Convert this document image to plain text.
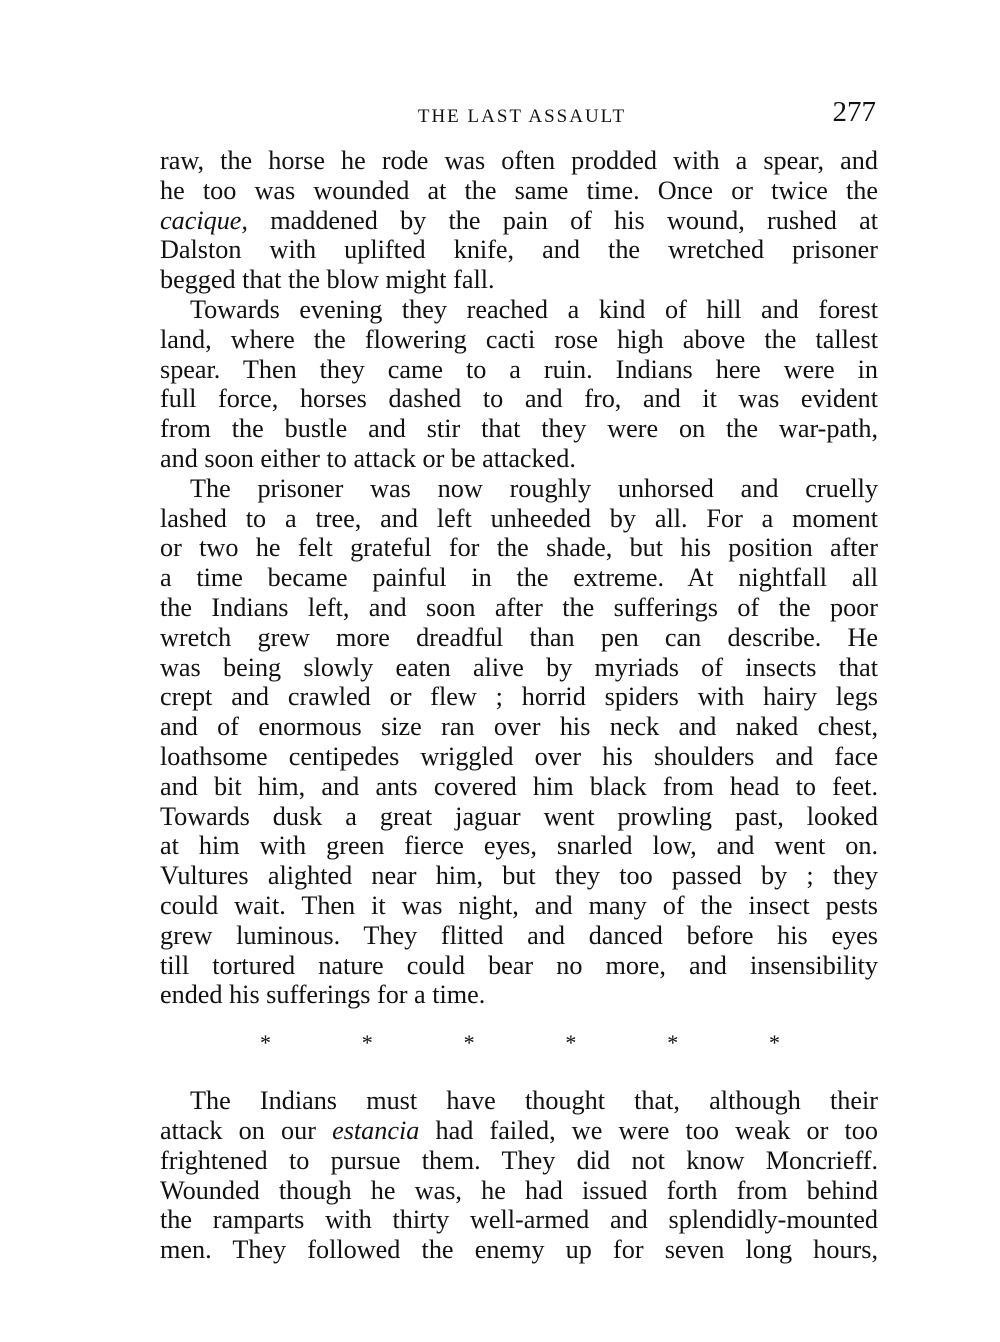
THE LAST ASSAULT	277

raw, the horse he rode was often prodded with a spear, and
he too was wounded at the same time. Once or twice the
cacique, maddened by the pain of his wound, rushed at
Dalston with uplifted knife, and the wretched prisoner
begged that the blow might fall.

Towards evening they reached a kind of hill and forest
land, where the flowering cacti rose high above the tallest
spear. Then they came to a ruin. Indians here were in
full force, horses dashed to and fro, and it was evident
from the bustle and stir that they were on the war-path,
and soon either to attack or be attacked.

The prisoner was now roughly unhorsed and cruelly
lashed to a tree, and left unheeded by all. For a moment
or two he felt grateful for the shade, but his position after
a time became painful in the extreme. At nightfall all
the Indians left, and soon after the sufferings of the poor
wretch grew more dreadful than pen can describe. He
was being slowly eaten alive by myriads of insects that
crept and crawled or flew ; horrid spiders with hairy legs
and of enormous size ran over his neck and naked chest,
loathsome centipedes wriggled over his shoulders and face
and bit him, and ants covered him black from head to feet.
Towards dusk a great jaguar went prowling past, looked
at him with green fierce eyes, snarled low, and went on.
Vultures alighted near him, but they too passed by ; they
could wait. Then it was night, and many of the insect pests
grew luminous. They flitted and danced before his eyes
till tortured nature could bear no more, and insensibility
ended his sufferings for a time.

*	*	*	*	*	*

The Indians must have thought that, although their
attack on our estancia had failed, we were too weak or too
frightened to pursue them. They did not know Moncrieff.
Wounded though he was, he had issued forth from behind
the ramparts with thirty well-armed and splendidly-mounted
men. They followed the enemy up for seven long hours,
